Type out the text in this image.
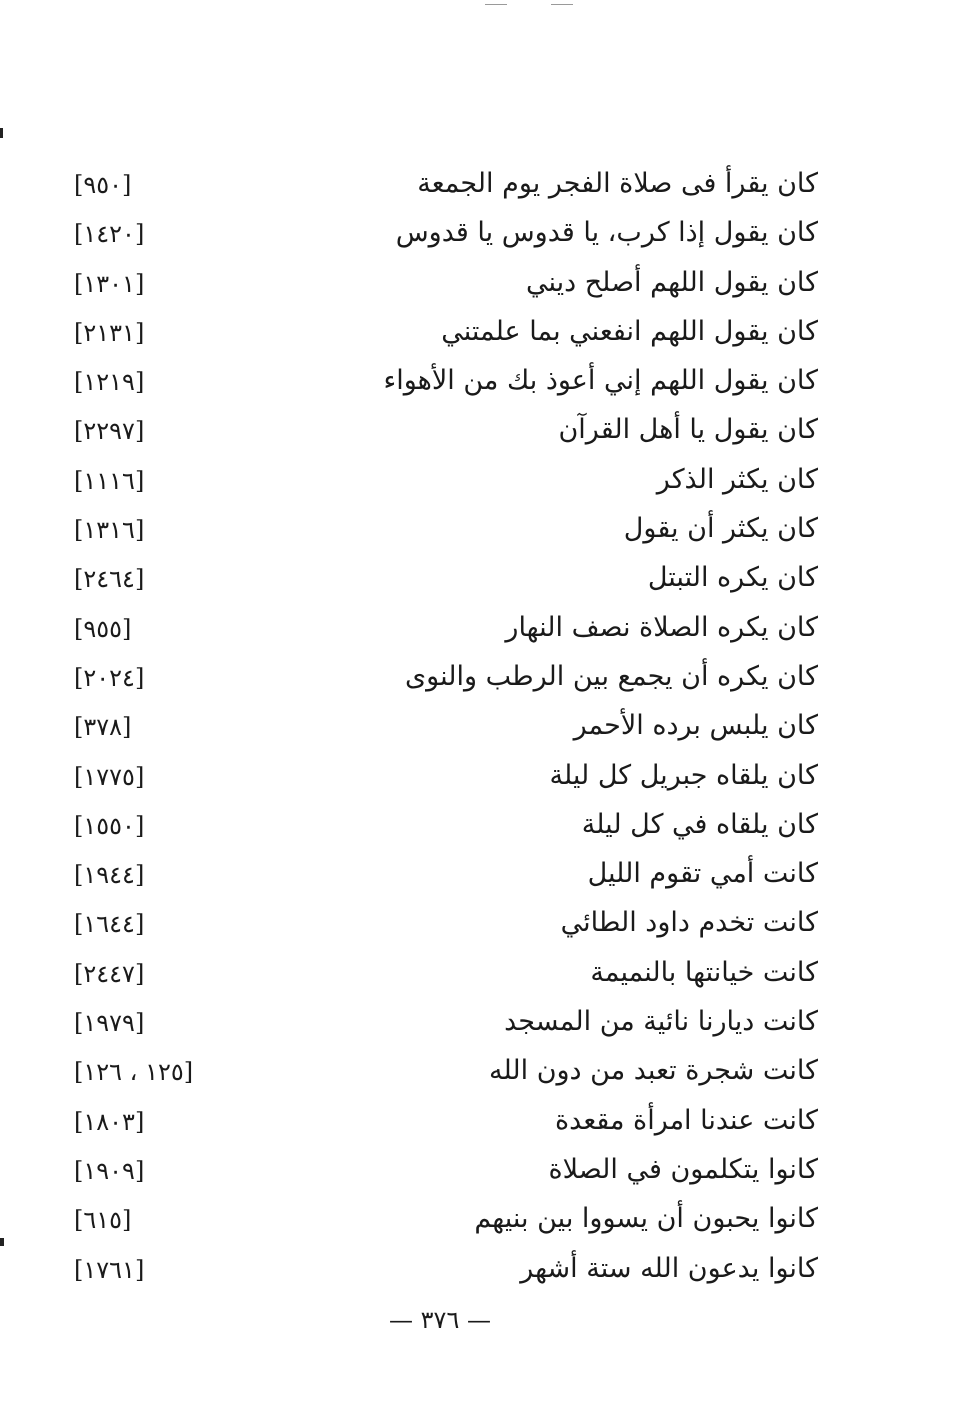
كان يقرأ فى صلاة الفجر يوم الجمعة
[٩٥٠]
كان يقول إذا كرب، يا قدوس يا قدوس
[١٤٢٠]
كان يقول اللهم أصلح ديني
[١٣٠١]
كان يقول اللهم انفعني بما علمتني
[٢١٣١]
كان يقول اللهم إني أعوذ بك من الأهواء
[١٢١٩]
كان يقول يا أهل القرآن
[٢٢٩٧]
كان يكثر الذكر
[١١١٦]
كان يكثر أن يقول
[١٣١٦]
كان يكره التبتل
[٢٤٦٤]
كان يكره الصلاة نصف النهار
[٩٥٥]
كان يكره أن يجمع بين الرطب والنوى
[٢٠٢٤]
كان يلبس برده الأحمر
[٣٧٨]
كان يلقاه جبريل كل ليلة
[١٧٧٥]
كان يلقاه في كل ليلة
[١٥٥٠]
كانت أمي تقوم الليل
[١٩٤٤]
كانت تخدم داود الطائي
[١٦٤٤]
كانت خيانتها بالنميمة
[٢٤٤٧]
كانت ديارنا نائية من المسجد
[١٩٧٩]
كانت شجرة تعبد من دون الله
[١٢٥ ، ١٢٦]
كانت عندنا امرأة مقعدة
[١٨٠٣]
كانوا يتكلمون في الصلاة
[١٩٠٩]
كانوا يحبون أن يسووا بين بنيهم
[٦١٥]
كانوا يدعون الله ستة أشهر
[١٧٦١]
— ٣٧٦ —
